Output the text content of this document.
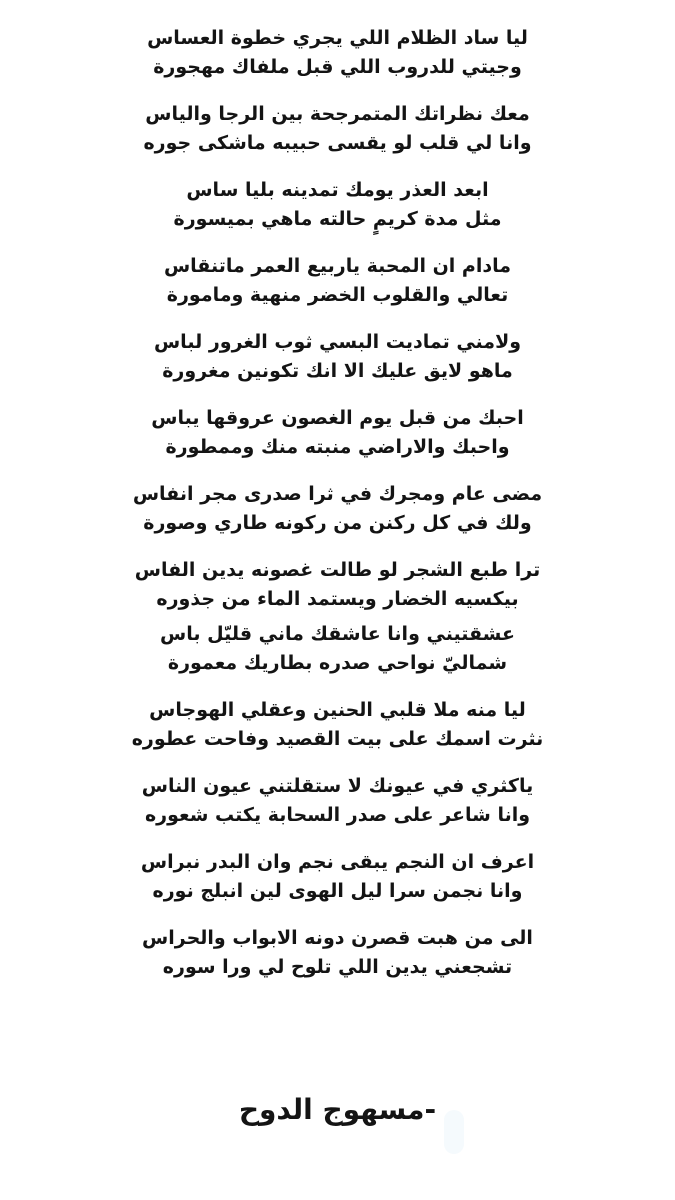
ليا ساد الظلام اللي يجري خطوة العساس
وجيتي للدروب اللي قبل ملفاك مهجورة
معك نظراتك المتمرجحة بين الرجا والياس
وانا لي قلب لو يقسى حبيبه ماشكى جوره
ابعد العذر يومك تمدينه بليا ساس
مثل مدة كريمٍ حالته ماهي بميسورة
مادام ان المحبة ياربيع العمر ماتنقاس
تعالي والقلوب الخضر منهية ومامورة
ولامني تماديت البسي ثوب الغرور لباس
ماهو لايق عليك الا انك تكونين مغرورة
احبك من قبل يوم الغصون عروقها يباس
واحبك والاراضي منبته منك وممطورة
مضى عام ومجرك في ثرا صدرى مجر انفاس
ولك في كل ركنن من ركونه طاري وصورة
ترا طبع الشجر لو طالت غصونه يدين الفاس
بيكسيه الخضار ويستمد الماء من جذوره
عشقتيني وانا عاشقك ماني قليّل باس
شماليّ نواحي صدره بطاريك معمورة
ليا منه ملا قلبي الحنين وعقلي الهوجاس
نثرت اسمك على بيت القصيد وفاحت عطوره
ياكثري في عيونك لا ستقلتني عيون الناس
وانا شاعر على صدر السحابة يكتب شعوره
اعرف ان النجم يبقى نجم وان البدر نبراس
وانا نجمن سرا ليل الهوى لين انبلج نوره
الى من هبت قصرن دونه الابواب والحراس
تشجعني يدين اللي تلوح لي ورا سوره
-مسهوج الدوح
